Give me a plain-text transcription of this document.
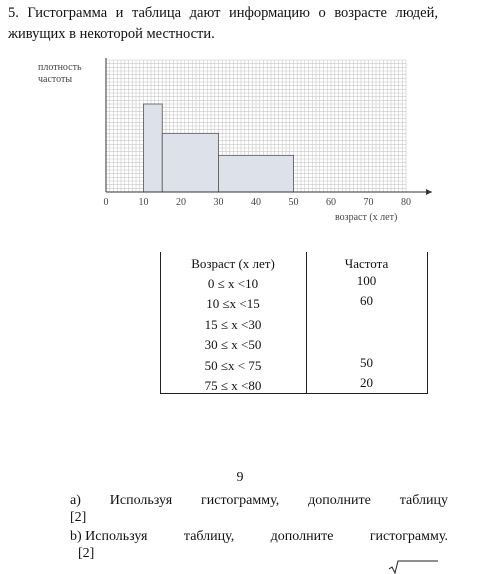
5. Гистограмма и таблица дают информацию о возрасте людей, живущих в некоторой местности.
0	10	20	30	40	50	60	70	80
плотность
частоты
возраст (x лет)
Возраст (x лет)	Частота
0 ≤ x <10	100
10 ≤x <15	60
15 ≤ x <30
30 ≤ x <50
50 ≤x < 75	50
75 ≤ x <80	20
9
а) Используя гистограмму, дополните таблицу
[2]
b) Используя	таблицу,	дополните	гистограмму.
[2]
